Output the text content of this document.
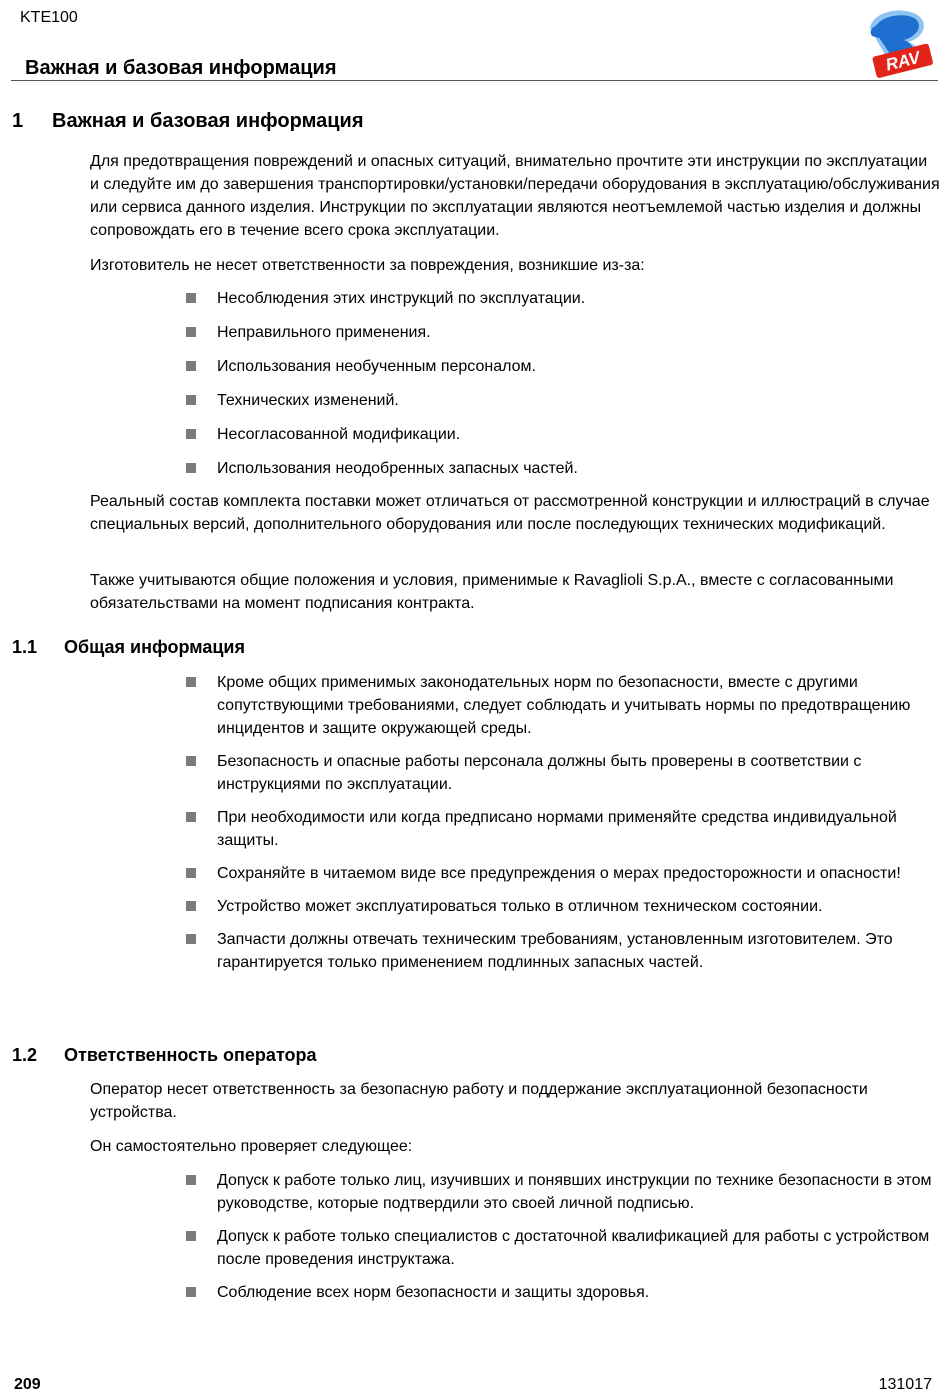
KTE100
Важная и базовая информация	RAV
1 Важная и базовая информация

Для предотвращения повреждений и опасных ситуаций, внимательно прочтите эти инструкции по эксплуатации и следуйте им до завершения транспортировки/установки/передачи оборудования в эксплуатацию/обслуживания или сервиса данного изделия. Инструкции по эксплуатации являются неотъемлемой частью изделия и должны сопровождать его в течение всего срока эксплуатации.

Изготовитель не несет ответственности за повреждения, возникшие из-за:

Несоблюдения этих инструкций по эксплуатации.
Неправильного применения.
Использования необученным персоналом.
Технических изменений.
Несогласованной модификации.
Использования неодобренных запасных частей.

Реальный состав комплекта поставки может отличаться от рассмотренной конструкции и иллюстраций в случае специальных версий, дополнительного оборудования или после последующих технических модификаций.

Также учитываются общие положения и условия, применимые к Ravaglioli S.p.A., вместе с согласованными обязательствами на момент подписания контракта.

1.1 Общая информация
Кроме общих применимых законодательных норм по безопасности, вместе с другими сопутствующими требованиями, следует соблюдать и учитывать нормы по предотвращению инцидентов и защите окружающей среды.
Безопасность и опасные работы персонала должны быть проверены в соответствии с инструкциями по эксплуатации.
При необходимости или когда предписано нормами применяйте средства индивидуальной защиты.
Сохраняйте в читаемом виде все предупреждения о мерах предосторожности и опасности!
Устройство может эксплуатироваться только в отличном техническом состоянии.
Запчасти должны отвечать техническим требованиям, установленным изготовителем. Это гарантируется только применением подлинных запасных частей.
1.2 Ответственность оператора

Оператор несет ответственность за безопасную работу и поддержание эксплуатационной безопасности устройства.

Он самостоятельно проверяет следующее:

Допуск к работе только лиц, изучивших и понявших инструкции по технике безопасности в этом руководстве, которые подтвердили это своей личной подписью.
Допуск к работе только специалистов с достаточной квалификацией для работы с устройством после проведения инструктажа.
Соблюдение всех норм безопасности и защиты здоровья.
209	131017
